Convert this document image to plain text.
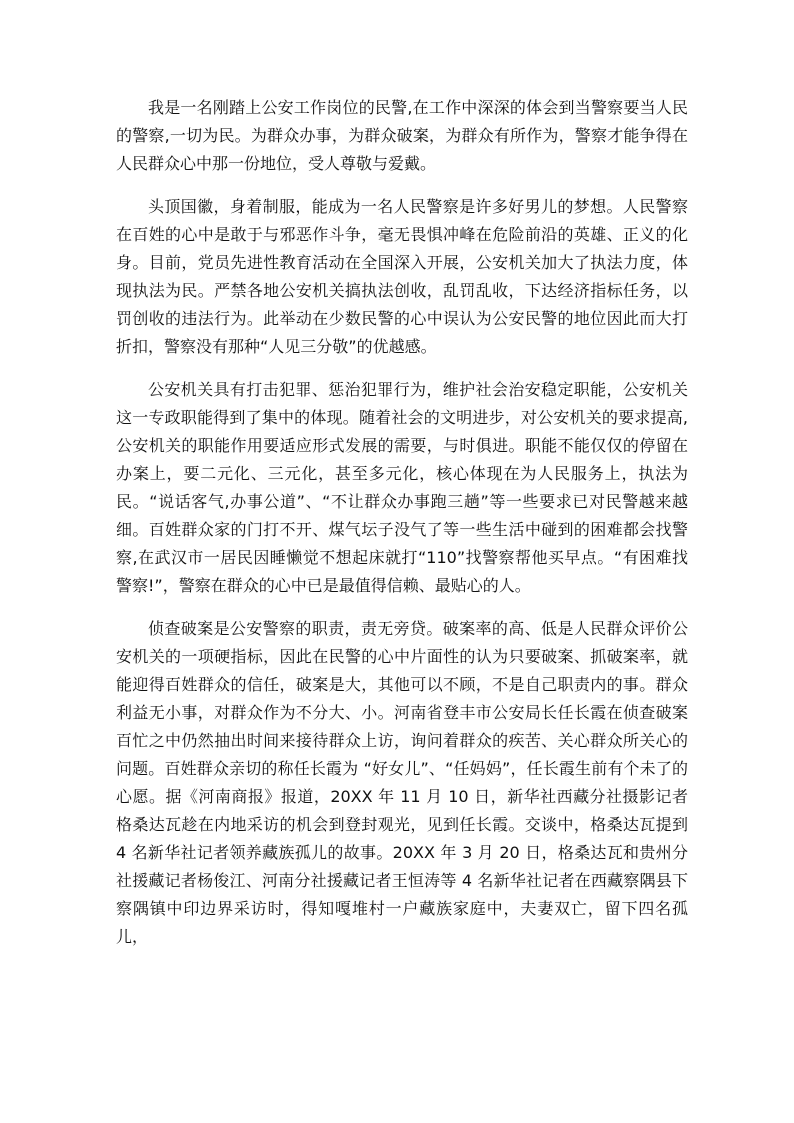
我是一名刚踏上公安工作岗位的民警,在工作中深深的体会到当警察要当人民的警察,一切为民。为群众办事，为群众破案，为群众有所作为，警察才能争得在人民群众心中那一份地位，受人尊敬与爱戴。

头顶国徽，身着制服，能成为一名人民警察是许多好男儿的梦想。人民警察在百姓的心中是敢于与邪恶作斗争，毫无畏惧冲峰在危险前沿的英雄、正义的化身。目前，党员先进性教育活动在全国深入开展，公安机关加大了执法力度，体现执法为民。严禁各地公安机关搞执法创收，乱罚乱收，下达经济指标任务，以罚创收的违法行为。此举动在少数民警的心中误认为公安民警的地位因此而大打折扣，警察没有那种“人见三分敬”的优越感。

公安机关具有打击犯罪、惩治犯罪行为，维护社会治安稳定职能，公安机关这一专政职能得到了集中的体现。随着社会的文明进步，对公安机关的要求提高,公安机关的职能作用要适应形式发展的需要，与时俱进。职能不能仅仅的停留在办案上，要二元化、三元化，甚至多元化，核心体现在为人民服务上，执法为民。“说话客气,办事公道”、“不让群众办事跑三趟”等一些要求已对民警越来越细。百姓群众家的门打不开、煤气坛子没气了等一些生活中碰到的困难都会找警察,在武汉市一居民因睡懒觉不想起床就打“110”找警察帮他买早点。“有困难找警察!”，警察在群众的心中已是最值得信赖、最贴心的人。

侦查破案是公安警察的职责，责无旁贷。破案率的高、低是人民群众评价公安机关的一项硬指标，因此在民警的心中片面性的认为只要破案、抓破案率，就能迎得百姓群众的信任，破案是大，其他可以不顾，不是自己职责内的事。群众利益无小事，对群众作为不分大、小。河南省登丰市公安局长任长霞在侦查破案百忙之中仍然抽出时间来接待群众上访，询问着群众的疾苦、关心群众所关心的问题。百姓群众亲切的称任长霞为 “好女儿”、“任妈妈”，任长霞生前有个未了的心愿。据《河南商报》报道，20XX 年 11 月 10 日，新华社西藏分社摄影记者格桑达瓦趁在内地采访的机会到登封观光，见到任长霞。交谈中，格桑达瓦提到 4 名新华社记者领养藏族孤儿的故事。20XX 年 3 月 20 日，格桑达瓦和贵州分社援藏记者杨俊江、河南分社援藏记者王恒涛等 4 名新华社记者在西藏察隅县下察隅镇中印边界采访时，得知嘎堆村一户藏族家庭中，夫妻双亡，留下四名孤儿，
